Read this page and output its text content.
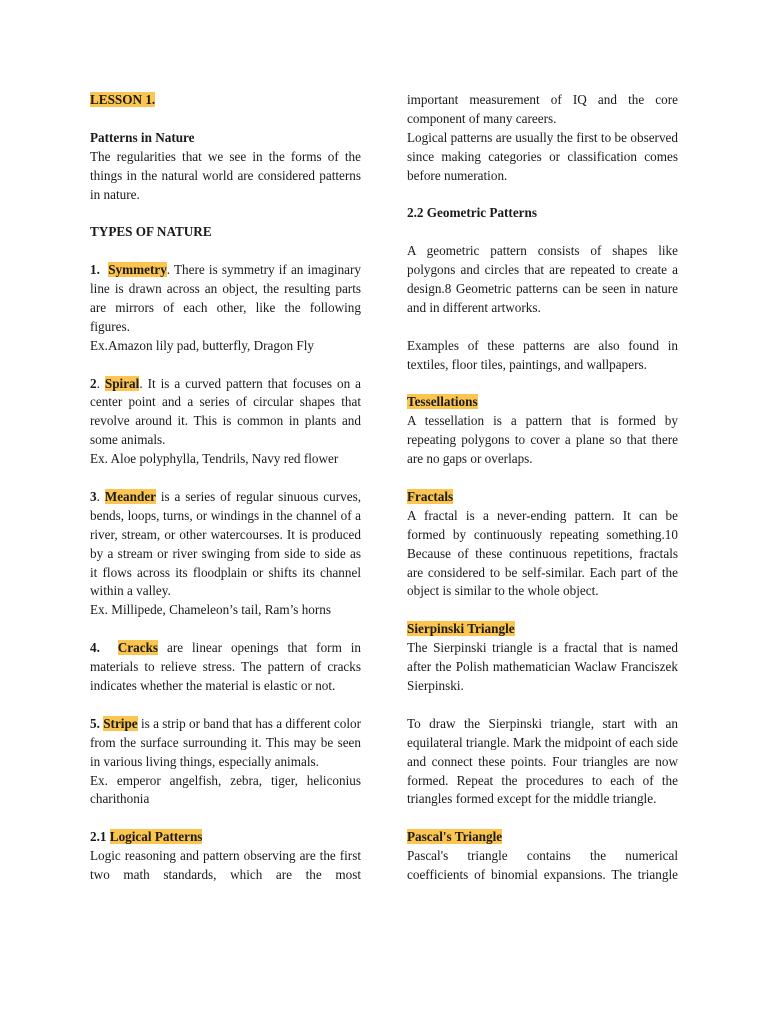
LESSON 1.

Patterns in Nature

The regularities that we see in the forms of the things in the natural world are considered patterns in nature.

TYPES OF NATURE

1. Symmetry. There is symmetry if an imaginary line is drawn across an object, the resulting parts are mirrors of each other, like the following figures.

Ex.Amazon lily pad, butterfly, Dragon Fly

2. Spiral. It is a curved pattern that focuses on a center point and a series of circular shapes that revolve around it. This is common in plants and some animals.

Ex. Aloe polyphylla, Tendrils, Navy red flower

3. Meander is a series of regular sinuous curves, bends, loops, turns, or windings in the channel of a river, stream, or other watercourses. It is produced by a stream or river swinging from side to side as it flows across its floodplain or shifts its channel within a valley.

Ex. Millipede, Chameleon’s tail, Ram’s horns

4. Cracks are linear openings that form in materials to relieve stress. The pattern of cracks indicates whether the material is elastic or not.

5. Stripe is a strip or band that has a different color from the surface surrounding it. This may be seen in various living things, especially animals.

Ex. emperor angelfish, zebra, tiger, heliconius charithonia

2.1 Logical Patterns

Logic reasoning and pattern observing are the first two math standards, which are the most

important measurement of IQ and the core component of many careers.

Logical patterns are usually the first to be observed since making categories or classification comes before numeration.

2.2 Geometric Patterns

A geometric pattern consists of shapes like polygons and circles that are repeated to create a design.8 Geometric patterns can be seen in nature and in different artworks.

Examples of these patterns are also found in textiles, floor tiles, paintings, and wallpapers.

Tessellations

A tessellation is a pattern that is formed by repeating polygons to cover a plane so that there are no gaps or overlaps.

Fractals

A fractal is a never-ending pattern. It can be formed by continuously repeating something.10 Because of these continuous repetitions, fractals are considered to be self-similar. Each part of the object is similar to the whole object.

Sierpinski Triangle

The Sierpinski triangle is a fractal that is named after the Polish mathematician Waclaw Franciszek Sierpinski.

To draw the Sierpinski triangle, start with an equilateral triangle. Mark the midpoint of each side and connect these points. Four triangles are now formed. Repeat the procedures to each of the triangles formed except for the middle triangle.

Pascal's Triangle

Pascal's triangle contains the numerical coefficients of binomial expansions. The triangle
